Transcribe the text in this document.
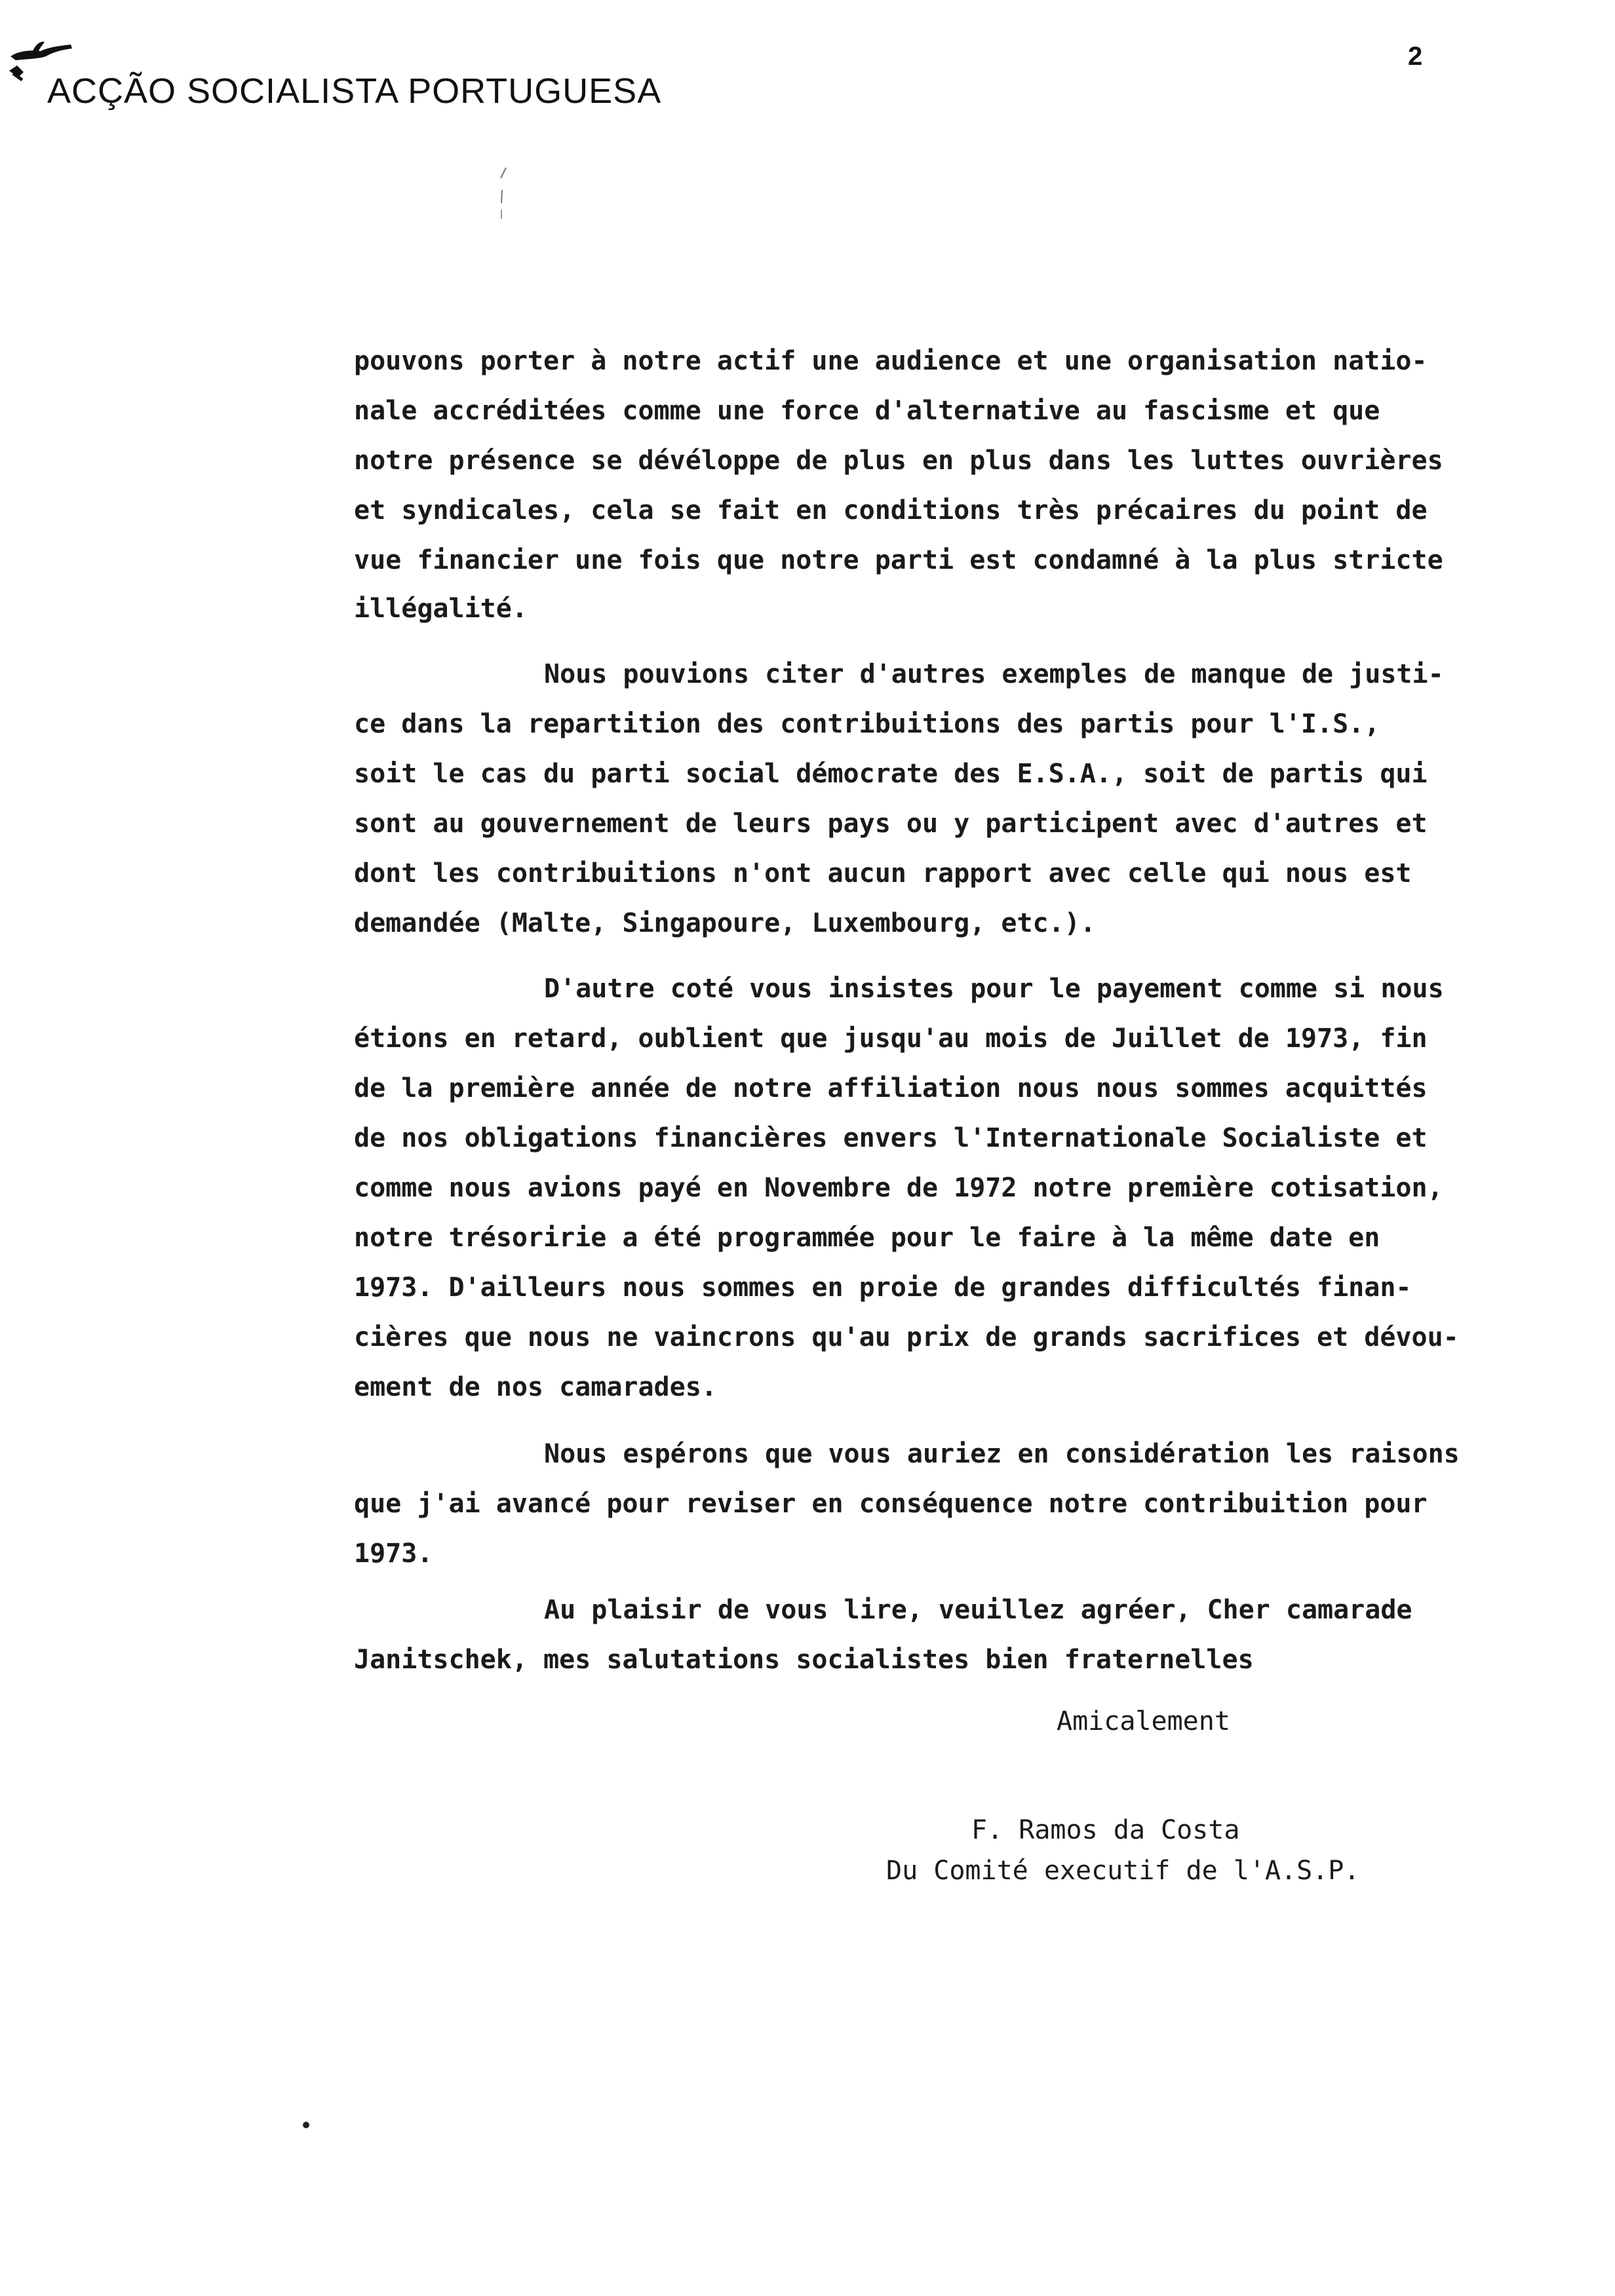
ACÇÃO SOCIALISTA PORTUGUESA
2
pouvons porter à notre actif une audience et une organisation natio-
nale accréditées comme une force d'alternative au fascisme et que
notre présence se dévéloppe de plus en plus dans les luttes ouvrières
et syndicales, cela se fait en conditions très précaires du point de
vue financier une fois que notre parti est condamné à la plus stricte
illégalité.
Nous pouvions citer d'autres exemples de manque de justi-
ce dans la repartition des contribuitions des partis pour l'I.S.,
soit le cas du parti social démocrate des E.S.A., soit de partis qui
sont au gouvernement de leurs pays ou y participent avec d'autres et
dont les contribuitions n'ont aucun rapport avec celle qui nous est
demandée (Malte, Singapoure, Luxembourg, etc.).
D'autre coté vous insistes pour le payement comme si nous
étions en retard, oublient que jusqu'au mois de Juillet de 1973, fin
de la première année de notre affiliation nous nous sommes acquittés
de nos obligations financières envers l'Internationale Socialiste et
comme nous avions payé en Novembre de 1972 notre première cotisation,
notre trésoririe a été programmée pour le faire à la même date en
1973. D'ailleurs nous sommes en proie de grandes difficultés finan-
cières que nous ne vaincrons qu'au prix de grands sacrifices et dévou-
ement de nos camarades.
Nous espérons que vous auriez en considération les raisons
que j'ai avancé pour reviser en conséquence notre contribuition pour
1973.
Au plaisir de vous lire, veuillez agréer, Cher camarade
Janitschek, mes salutations socialistes bien fraternelles
Amicalement
F. Ramos da Costa
Du Comité executif de l'A.S.P.
